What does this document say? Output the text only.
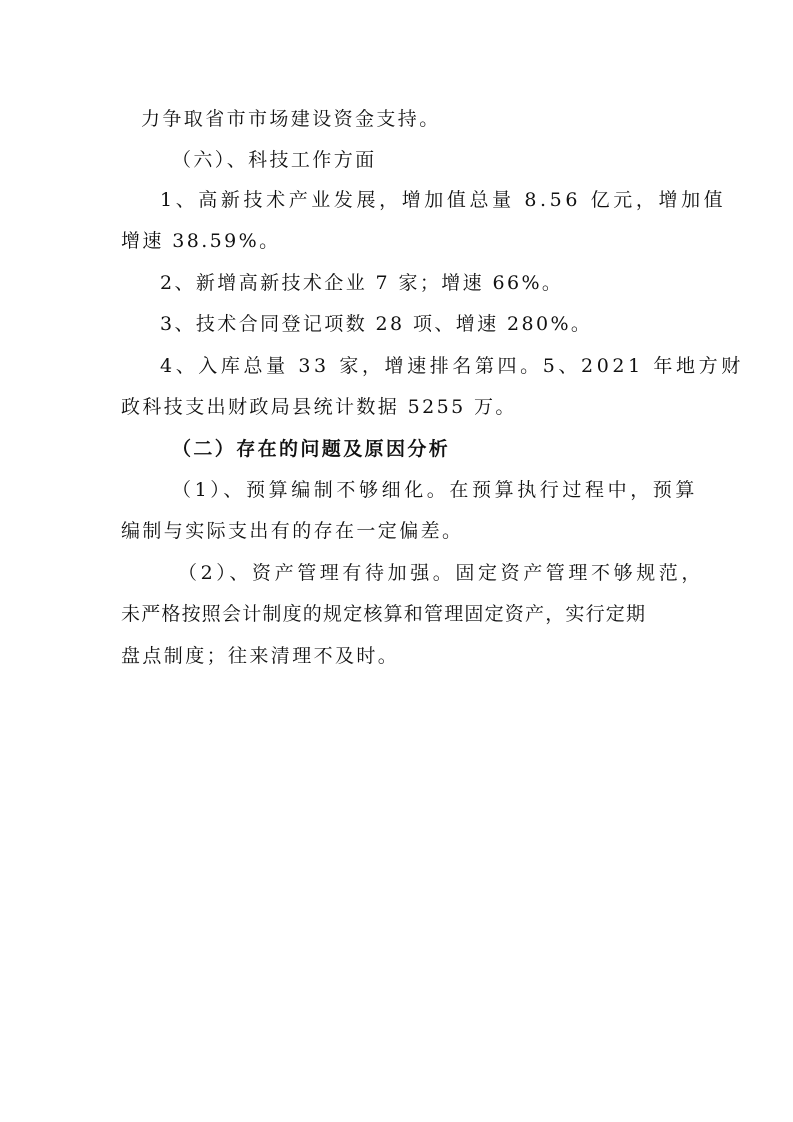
力争取省市市场建设资金支持。
（六）、科技工作方面
1、高新技术产业发展，增加值总量 8.56 亿元，增加值
增速 38.59%。
2、新增高新技术企业 7 家；增速 66%。
3、技术合同登记项数 28 项、增速 280%。
4、入库总量 33 家，增速排名第四。5、2021 年地方财
政科技支出财政局县统计数据 5255 万。
（二）存在的问题及原因分析
（1）、预算编制不够细化。在预算执行过程中，预算
编制与实际支出有的存在一定偏差。
（2）、资产管理有待加强。固定资产管理不够规范，
未严格按照会计制度的规定核算和管理固定资产，实行定期
盘点制度；往来清理不及时。
